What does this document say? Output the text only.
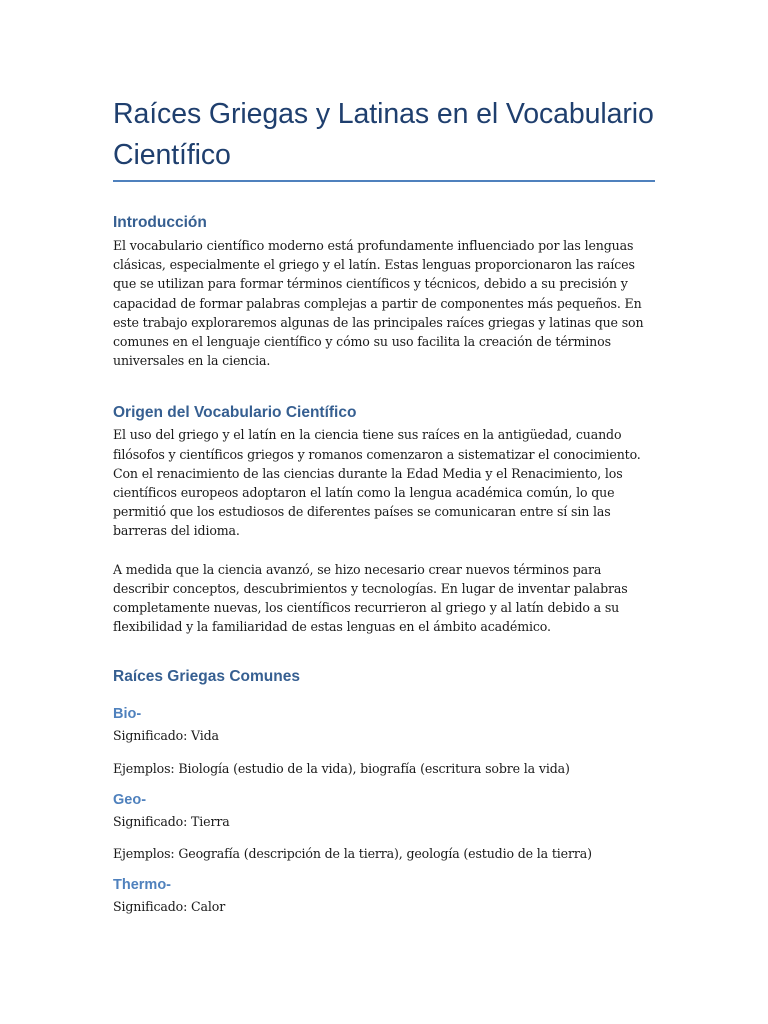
Raíces Griegas y Latinas en el Vocabulario Científico
Introducción

El vocabulario científico moderno está profundamente influenciado por las lenguas clásicas, especialmente el griego y el latín. Estas lenguas proporcionaron las raíces que se utilizan para formar términos científicos y técnicos, debido a su precisión y capacidad de formar palabras complejas a partir de componentes más pequeños. En este trabajo exploraremos algunas de las principales raíces griegas y latinas que son comunes en el lenguaje científico y cómo su uso facilita la creación de términos universales en la ciencia.

Origen del Vocabulario Científico

El uso del griego y el latín en la ciencia tiene sus raíces en la antigüedad, cuando filósofos y científicos griegos y romanos comenzaron a sistematizar el conocimiento. Con el renacimiento de las ciencias durante la Edad Media y el Renacimiento, los científicos europeos adoptaron el latín como la lengua académica común, lo que permitió que los estudiosos de diferentes países se comunicaran entre sí sin las barreras del idioma.

A medida que la ciencia avanzó, se hizo necesario crear nuevos términos para describir conceptos, descubrimientos y tecnologías. En lugar de inventar palabras completamente nuevas, los científicos recurrieron al griego y al latín debido a su flexibilidad y la familiaridad de estas lenguas en el ámbito académico.

Raíces Griegas Comunes
Bio-

Significado: Vida

Ejemplos: Biología (estudio de la vida), biografía (escritura sobre la vida)

Geo-

Significado: Tierra

Ejemplos: Geografía (descripción de la tierra), geología (estudio de la tierra)

Thermo-

Significado: Calor
